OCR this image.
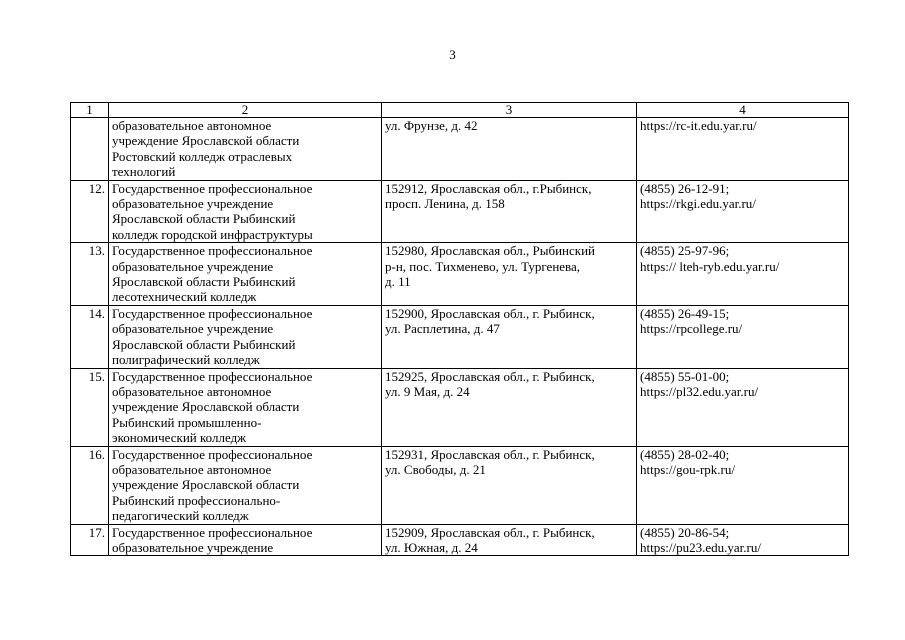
3
1	2	3	4

	образовательное автономное
учреждение Ярославской области
Ростовский колледж отраслевых
технологий	ул. Фрунзе, д. 42	https://rc-it.edu.yar.ru/

12.	Государственное профессиональное
образовательное учреждение
Ярославской области Рыбинский
колледж городской инфраструктуры	152912, Ярославская обл., г.Рыбинск,
просп. Ленина, д. 158	(4855) 26-12-91;
https://rkgi.edu.yar.ru/

13.	Государственное профессиональное
образовательное учреждение
Ярославской области Рыбинский
лесотехнический колледж	152980, Ярославская обл., Рыбинский
р-н, пос. Тихменево, ул. Тургенева,
д. 11	(4855) 25-97-96;
https:// lteh-ryb.edu.yar.ru/

14.	Государственное профессиональное
образовательное учреждение
Ярославской области Рыбинский
полиграфический колледж	152900, Ярославская обл., г. Рыбинск,
ул. Расплетина, д. 47	(4855) 26-49-15;
https://rpcollege.ru/

15.	Государственное профессиональное
образовательное автономное
учреждение Ярославской области
Рыбинский промышленно-
экономический колледж	152925, Ярославская обл., г. Рыбинск,
ул. 9 Мая, д. 24	(4855) 55-01-00;
https://pl32.edu.yar.ru/

16.	Государственное профессиональное
образовательное автономное
учреждение Ярославской области
Рыбинский профессионально-
педагогический колледж	152931, Ярославская обл., г. Рыбинск,
ул. Свободы, д. 21	(4855) 28-02-40;
https://gou-rpk.ru/

17.	Государственное профессиональное
образовательное учреждение	152909, Ярославская обл., г. Рыбинск,
ул. Южная, д. 24	(4855) 20-86-54;
https://pu23.edu.yar.ru/
